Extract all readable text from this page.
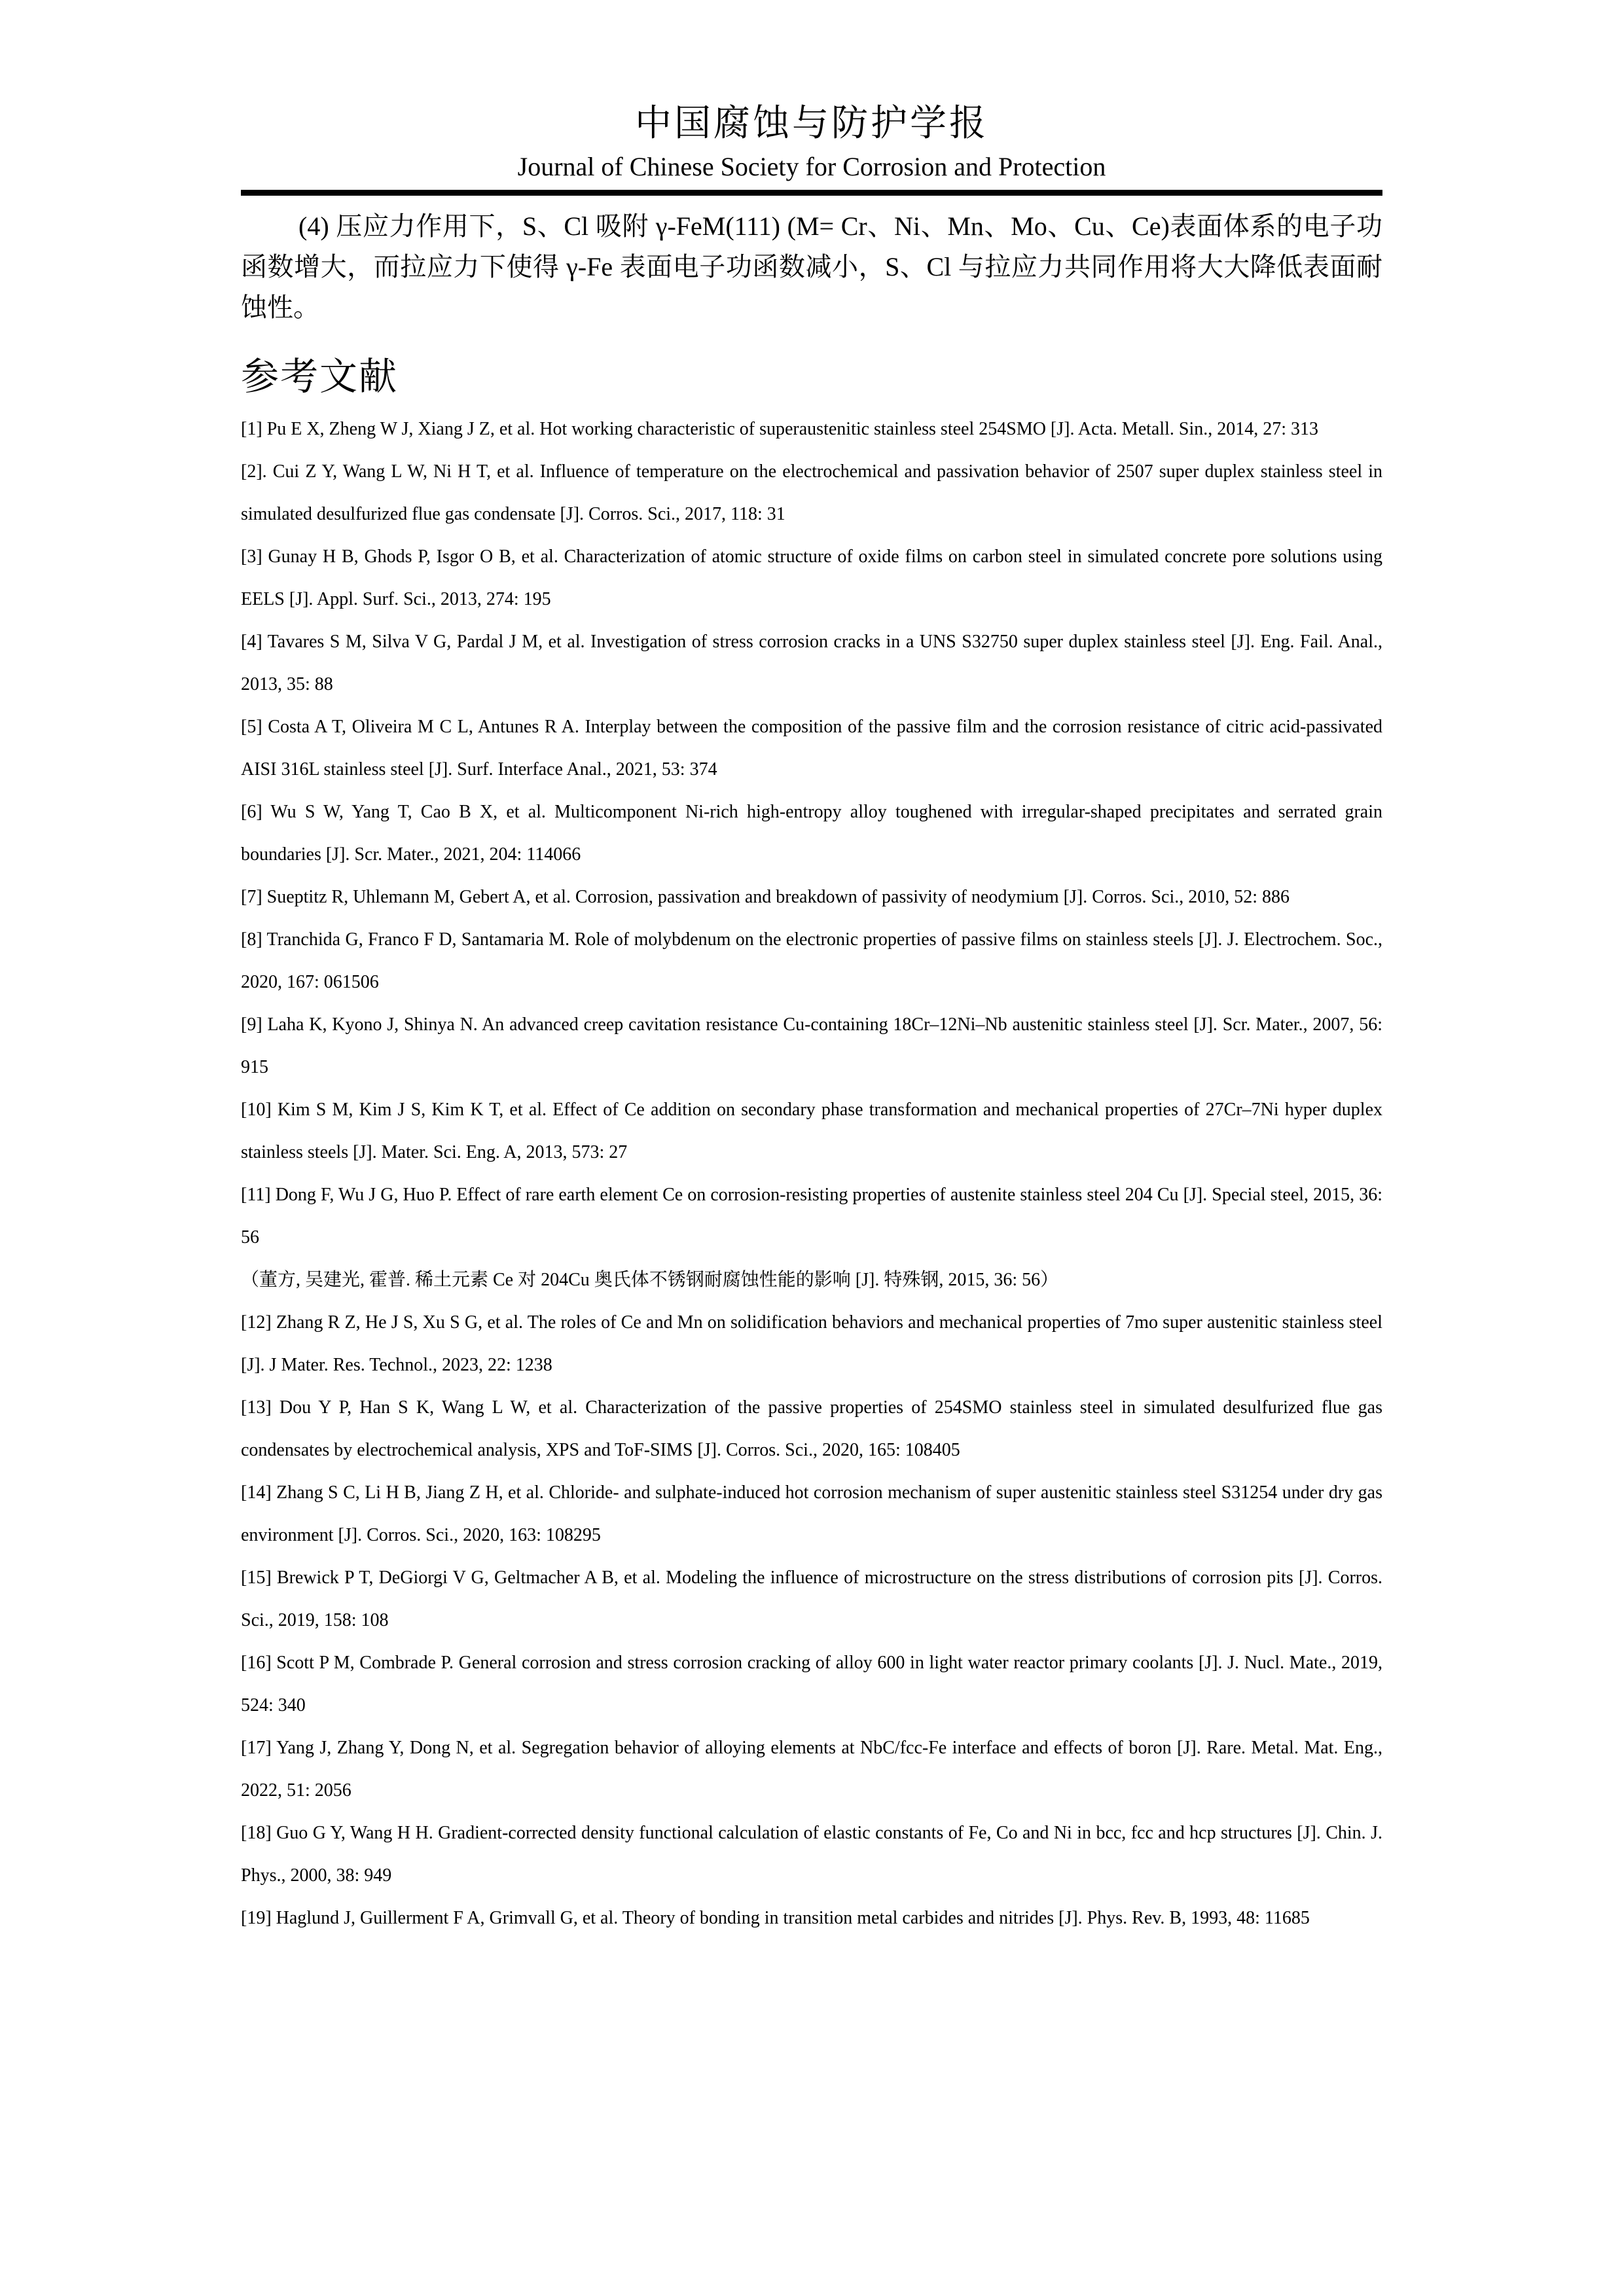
中国腐蚀与防护学报
Journal of Chinese Society for Corrosion and Protection

(4) 压应力作用下，S、Cl 吸附 γ-FeM(111) (M= Cr、Ni、Mn、Mo、Cu、Ce)表面体系的电子功函数增大，而拉应力下使得 γ-Fe 表面电子功函数减小，S、Cl 与拉应力共同作用将大大降低表面耐蚀性。

参考文献

[1] Pu E X, Zheng W J, Xiang J Z, et al. Hot working characteristic of superaustenitic stainless steel 254SMO [J]. Acta. Metall. Sin., 2014, 27: 313

[2]. Cui Z Y, Wang L W, Ni H T, et al. Influence of temperature on the electrochemical and passivation behavior of 2507 super duplex stainless steel in simulated desulfurized flue gas condensate [J]. Corros. Sci., 2017, 118: 31

[3] Gunay H B, Ghods P, Isgor O B, et al. Characterization of atomic structure of oxide films on carbon steel in simulated concrete pore solutions using EELS [J]. Appl. Surf. Sci., 2013, 274: 195

[4] Tavares S M, Silva V G, Pardal J M, et al. Investigation of stress corrosion cracks in a UNS S32750 super duplex stainless steel [J]. Eng. Fail. Anal., 2013, 35: 88

[5] Costa A T, Oliveira M C L, Antunes R A. Interplay between the composition of the passive film and the corrosion resistance of citric acid-passivated AISI 316L stainless steel [J]. Surf. Interface Anal., 2021, 53: 374

[6] Wu S W, Yang T, Cao B X, et al. Multicomponent Ni-rich high-entropy alloy toughened with irregular-shaped precipitates and serrated grain boundaries [J]. Scr. Mater., 2021, 204: 114066

[7] Sueptitz R, Uhlemann M, Gebert A, et al. Corrosion, passivation and breakdown of passivity of neodymium [J]. Corros. Sci., 2010, 52: 886

[8] Tranchida G, Franco F D, Santamaria M. Role of molybdenum on the electronic properties of passive films on stainless steels [J]. J. Electrochem. Soc., 2020, 167: 061506

[9] Laha K, Kyono J, Shinya N. An advanced creep cavitation resistance Cu-containing 18Cr–12Ni–Nb austenitic stainless steel [J]. Scr. Mater., 2007, 56: 915

[10] Kim S M, Kim J S, Kim K T, et al. Effect of Ce addition on secondary phase transformation and mechanical properties of 27Cr–7Ni hyper duplex stainless steels [J]. Mater. Sci. Eng. A, 2013, 573: 27

[11] Dong F, Wu J G, Huo P. Effect of rare earth element Ce on corrosion-resisting properties of austenite stainless steel 204 Cu [J]. Special steel, 2015, 36: 56

（董方, 吴建光, 霍普. 稀土元素 Ce 对 204Cu 奥氏体不锈钢耐腐蚀性能的影响 [J]. 特殊钢, 2015, 36: 56）

[12] Zhang R Z, He J S, Xu S G, et al. The roles of Ce and Mn on solidification behaviors and mechanical properties of 7mo super austenitic stainless steel [J]. J Mater. Res. Technol., 2023, 22: 1238

[13] Dou Y P, Han S K, Wang L W, et al. Characterization of the passive properties of 254SMO stainless steel in simulated desulfurized flue gas condensates by electrochemical analysis, XPS and ToF-SIMS [J]. Corros. Sci., 2020, 165: 108405

[14] Zhang S C, Li H B, Jiang Z H, et al. Chloride- and sulphate-induced hot corrosion mechanism of super austenitic stainless steel S31254 under dry gas environment [J]. Corros. Sci., 2020, 163: 108295

[15] Brewick P T, DeGiorgi V G, Geltmacher A B, et al. Modeling the influence of microstructure on the stress distributions of corrosion pits [J]. Corros. Sci., 2019, 158: 108

[16] Scott P M, Combrade P. General corrosion and stress corrosion cracking of alloy 600 in light water reactor primary coolants [J]. J. Nucl. Mate., 2019, 524: 340

[17] Yang J, Zhang Y, Dong N, et al. Segregation behavior of alloying elements at NbC/fcc-Fe interface and effects of boron [J]. Rare. Metal. Mat. Eng., 2022, 51: 2056

[18] Guo G Y, Wang H H. Gradient-corrected density functional calculation of elastic constants of Fe, Co and Ni in bcc, fcc and hcp structures [J]. Chin. J. Phys., 2000, 38: 949

[19] Haglund J, Guillerment F A, Grimvall G, et al. Theory of bonding in transition metal carbides and nitrides [J]. Phys. Rev. B, 1993, 48: 11685
